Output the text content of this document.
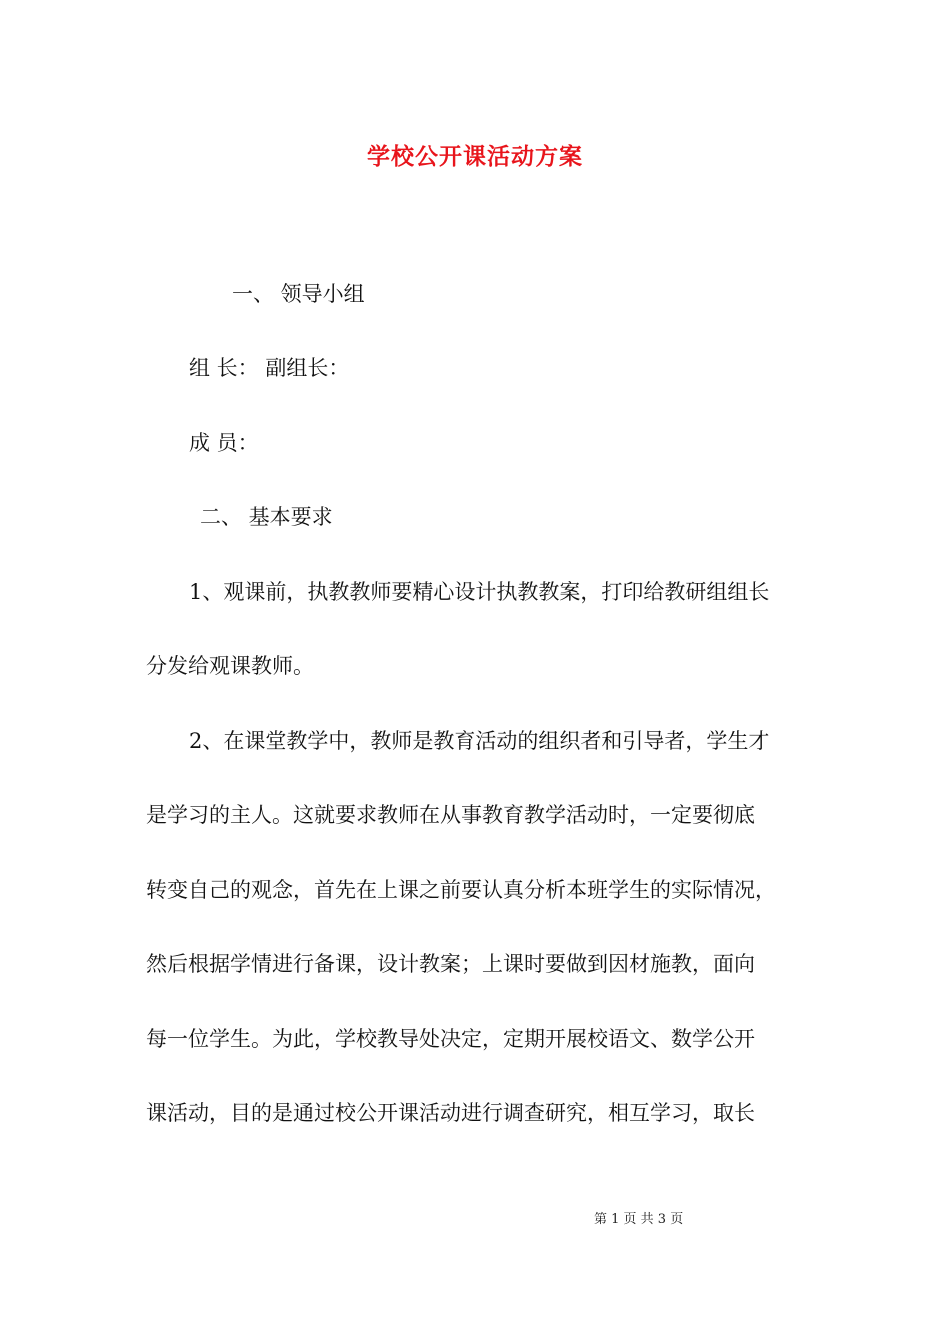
学校公开课活动方案
一、 领导小组
组 长： 副组长：
成 员：
二、 基本要求
1、观课前，执教教师要精心设计执教教案，打印给教研组组长
分发给观课教师。
2、在课堂教学中，教师是教育活动的组织者和引导者，学生才
是学习的主人。这就要求教师在从事教育教学活动时，一定要彻底
转变自己的观念，首先在上课之前要认真分析本班学生的实际情况，
然后根据学情进行备课，设计教案；上课时要做到因材施教，面向
每一位学生。为此，学校教导处决定，定期开展校语文、数学公开
课活动，目的是通过校公开课活动进行调查研究，相互学习，取长
第 1 页 共 3 页
